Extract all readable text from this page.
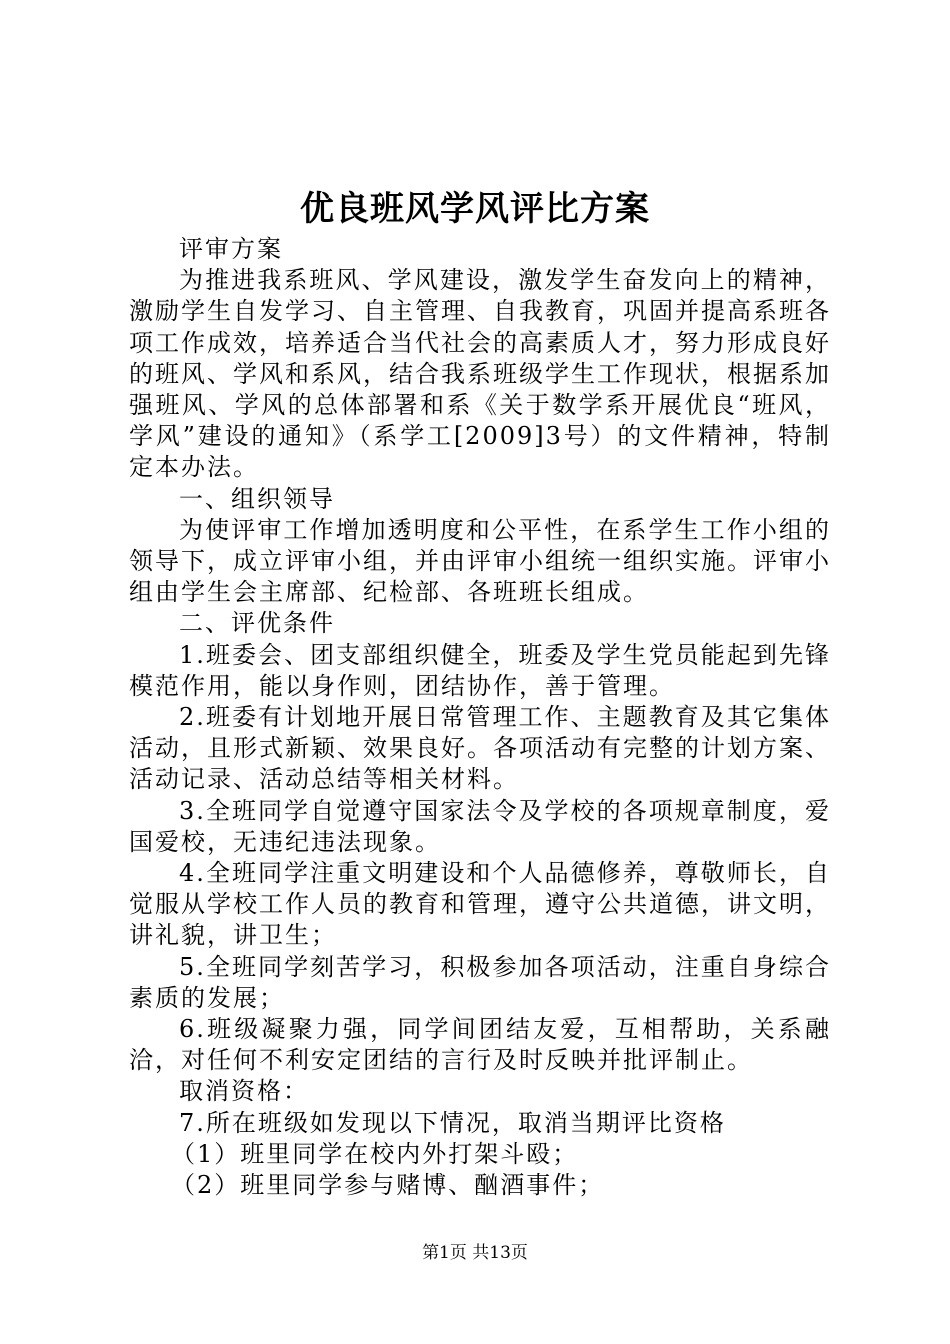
优良班风学风评比方案

评审方案

为推进我系班风、学风建设，激发学生奋发向上的精神，激励学生自发学习、自主管理、自我教育，巩固并提高系班各项工作成效，培养适合当代社会的高素质人才，努力形成良好的班风、学风和系风，结合我系班级学生工作现状，根据系加强班风、学风的总体部署和系《关于数学系开展优良“班风，学风”建设的通知》（系学工[2009]3号）的文件精神，特制定本办法。

一、组织领导

为使评审工作增加透明度和公平性，在系学生工作小组的领导下，成立评审小组，并由评审小组统一组织实施。评审小组由学生会主席部、纪检部、各班班长组成。

二、评优条件

1.班委会、团支部组织健全，班委及学生党员能起到先锋模范作用，能以身作则，团结协作，善于管理。

2.班委有计划地开展日常管理工作、主题教育及其它集体活动，且形式新颖、效果良好。各项活动有完整的计划方案、活动记录、活动总结等相关材料。

3.全班同学自觉遵守国家法令及学校的各项规章制度，爱国爱校，无违纪违法现象。

4.全班同学注重文明建设和个人品德修养，尊敬师长，自觉服从学校工作人员的教育和管理，遵守公共道德，讲文明，讲礼貌，讲卫生；

5.全班同学刻苦学习，积极参加各项活动，注重自身综合素质的发展；

6.班级凝聚力强，同学间团结友爱，互相帮助，关系融洽，对任何不利安定团结的言行及时反映并批评制止。

取消资格：

7.所在班级如发现以下情况，取消当期评比资格

（1）班里同学在校内外打架斗殴；

（2）班里同学参与赌博、酗酒事件；

第1页 共13页
